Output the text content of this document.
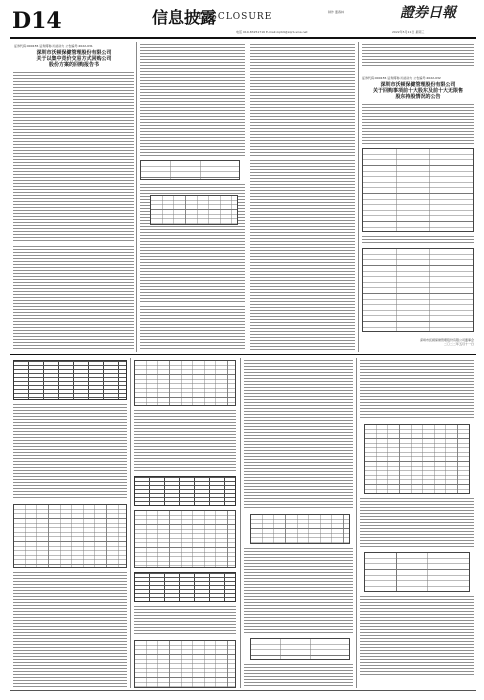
D14	信息披露
DISCLOSURE	制作 董春林	證券日報
电话 010-83251716 E-mail:zqrb9@zqrb.sina.net	2022年5月11日 星期三
证券代码:000155 证券简称:川能动力 公告编号:2022-031
深圳市沃顿保健管理股份有限公司
关于以集中竞价交易方式回购公司
股份方案的回购报告书
证券代码:000155 证券简称:川能动力 公告编号:2022-032
深圳市沃顿保健管理股份有限公司
关于回购事项前十大股东及前十大无限售
股东持股情况的公告
深圳市沃顿保健管理股份有限公司董事会
二〇二二年五月十一日
